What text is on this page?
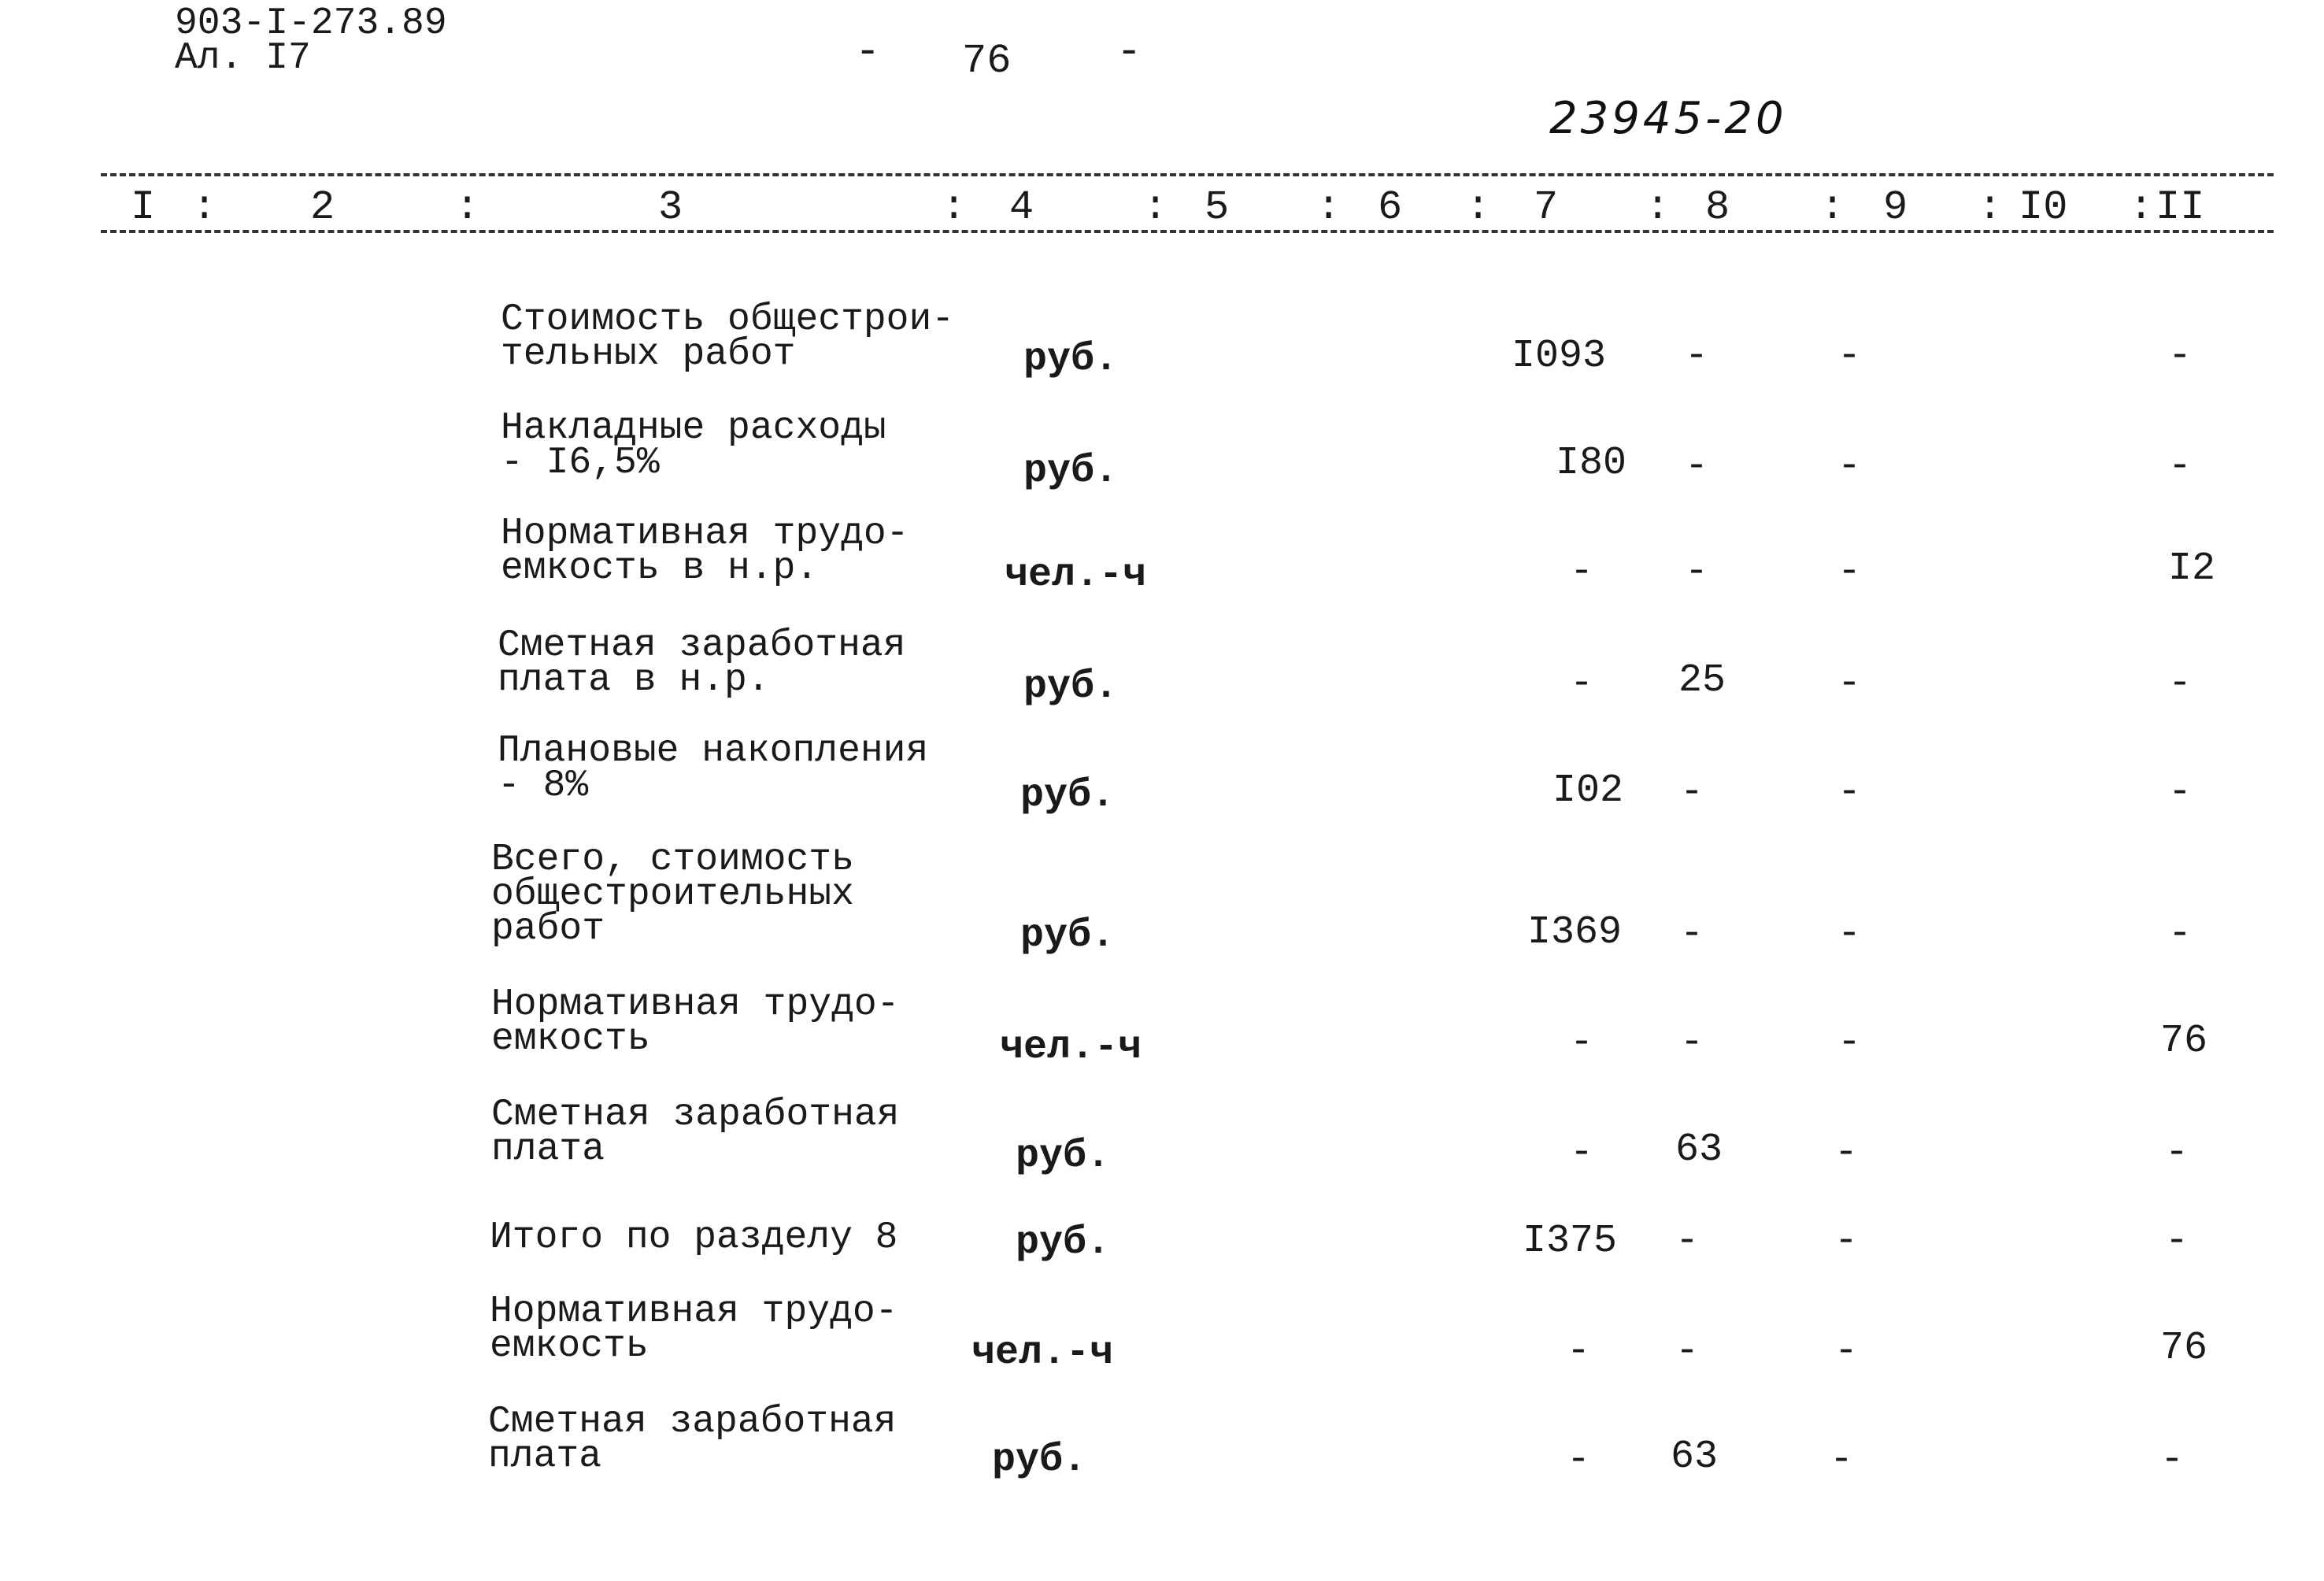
903-I-273.89
Ал. I7	- 76 -
23945-20
I : 2	:	3	: 4	: 5 : 6 : 7 : 8 : 9 : I0 : II
Стоимость общестрои-
тельных работ	руб.	I093 -	-	-
Накладные расходы
- I6,5%	руб.	I80 -	-	-
Нормативная трудо-
емкость в н.р.	чел.-ч	- -	-	I2
Сметная заработная
плата в н.р.	руб.	- 25	-	-
Плановые накопления
- 8%	руб.	I02 -	-	-
Всего, стоимость
общестроительных
работ	руб.	I369 -	-	-
Нормативная трудо-
емкость	чел.-ч	- -	-	76
Сметная заработная
плата	руб.	- 63	-	-
Итого по разделу 8	руб.	I375 -	-	-
Нормативная трудо-
емкость	чел.-ч	- -	-	76
Сметная заработная
плата	руб.	- 63	-	-
